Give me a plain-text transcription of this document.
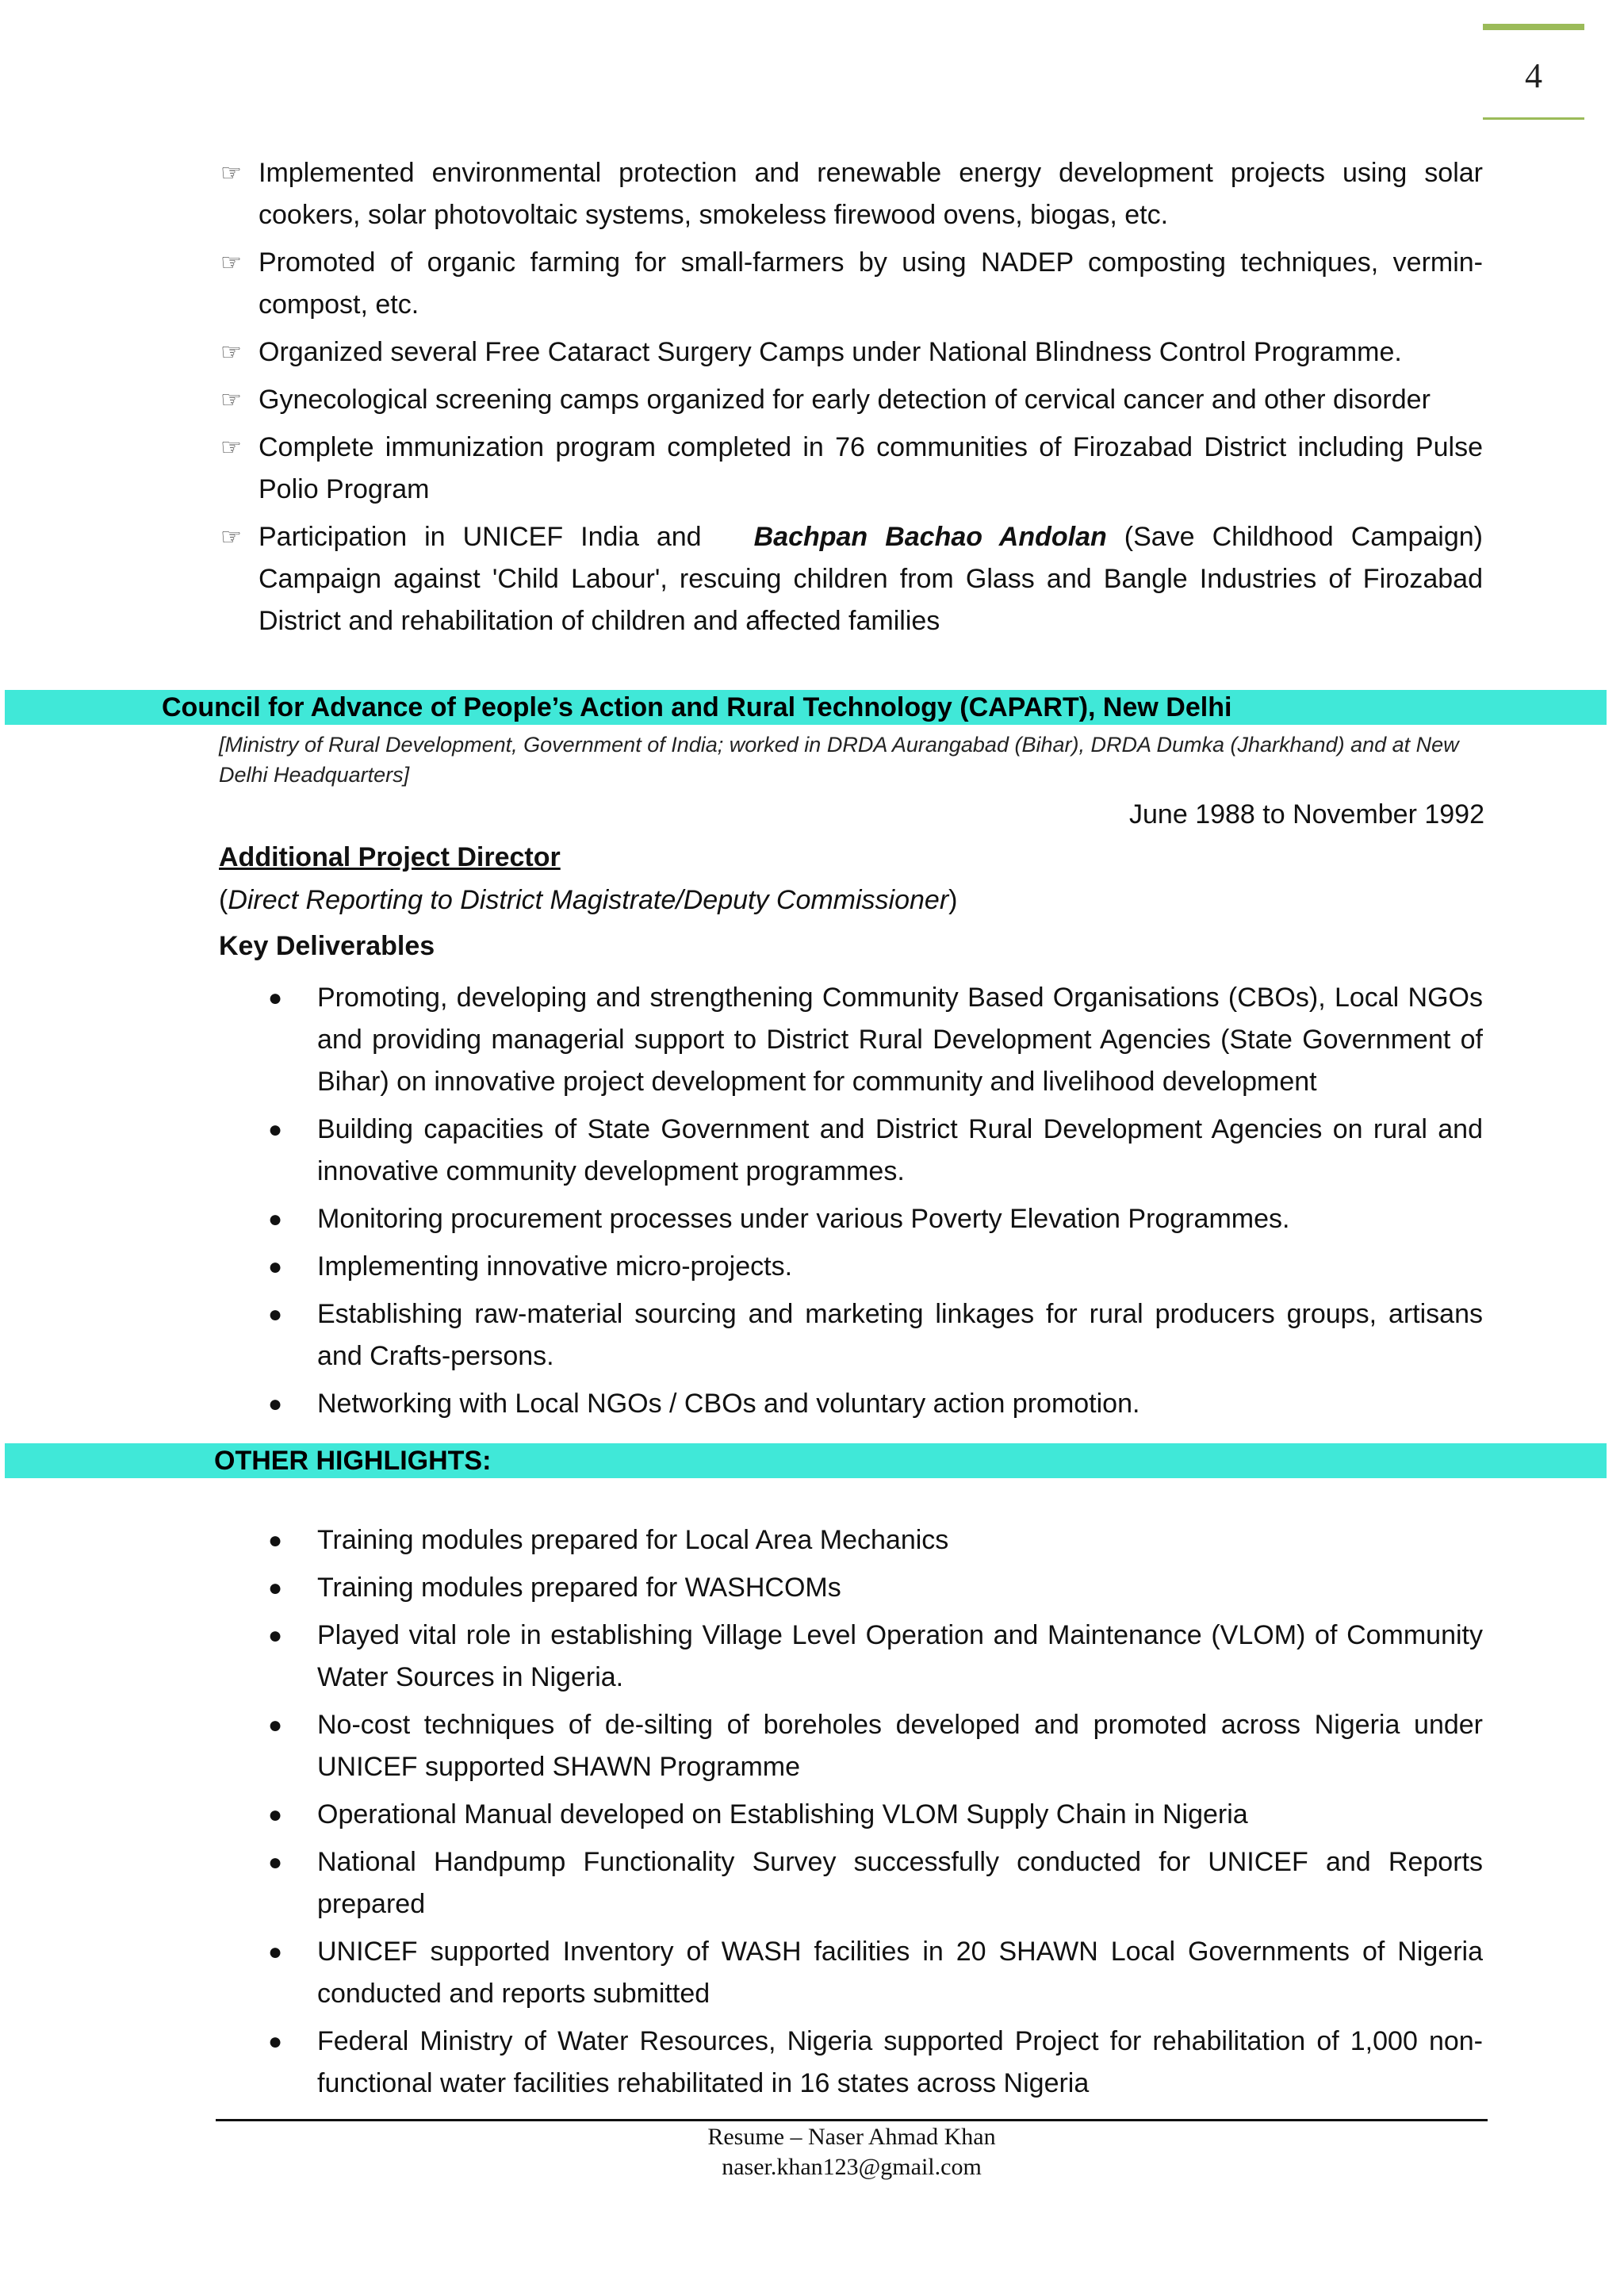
4
☞ Implemented environmental protection and renewable energy development projects using solar cookers, solar photovoltaic systems, smokeless firewood ovens, biogas, etc.
☞ Promoted of organic farming for small-farmers by using NADEP composting techniques, vermin-compost, etc.
☞ Organized several Free Cataract Surgery Camps under National Blindness Control Programme.
☞ Gynecological screening camps organized for early detection of cervical cancer and other disorder
☞ Complete immunization program completed in 76 communities of Firozabad District including Pulse Polio Program
☞ Participation in UNICEF India and Bachpan Bachao Andolan (Save Childhood Campaign) Campaign against 'Child Labour', rescuing children from Glass and Bangle Industries of Firozabad District and rehabilitation of children and affected families
Council for Advance of People’s Action and Rural Technology (CAPART), New Delhi
[Ministry of Rural Development, Government of India; worked in DRDA Aurangabad (Bihar), DRDA Dumka (Jharkhand) and at New Delhi Headquarters]
June 1988 to November 1992
Additional Project Director
(Direct Reporting to District Magistrate/Deputy Commissioner)
Key Deliverables
● Promoting, developing and strengthening Community Based Organisations (CBOs), Local NGOs and providing managerial support to District Rural Development Agencies (State Government of Bihar) on innovative project development for community and livelihood development
● Building capacities of State Government and District Rural Development Agencies on rural and innovative community development programmes.
● Monitoring procurement processes under various Poverty Elevation Programmes.
● Implementing innovative micro-projects.
● Establishing raw-material sourcing and marketing linkages for rural producers groups, artisans and Crafts-persons.
● Networking with Local NGOs / CBOs and voluntary action promotion.
OTHER HIGHLIGHTS:
● Training modules prepared for Local Area Mechanics
● Training modules prepared for WASHCOMs
● Played vital role in establishing Village Level Operation and Maintenance (VLOM) of Community Water Sources in Nigeria.
● No-cost techniques of de-silting of boreholes developed and promoted across Nigeria under UNICEF supported SHAWN Programme
● Operational Manual developed on Establishing VLOM Supply Chain in Nigeria
● National Handpump Functionality Survey successfully conducted for UNICEF and Reports prepared
● UNICEF supported Inventory of WASH facilities in 20 SHAWN Local Governments of Nigeria conducted and reports submitted
● Federal Ministry of Water Resources, Nigeria supported Project for rehabilitation of 1,000 non-functional water facilities rehabilitated in 16 states across Nigeria
Resume – Naser Ahmad Khan
naser.khan123@gmail.com
